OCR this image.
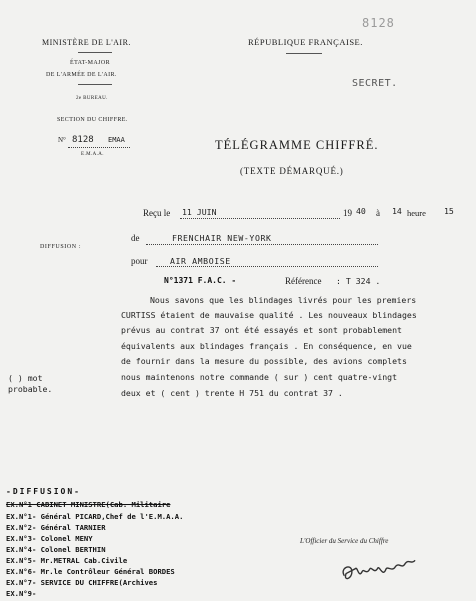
8128
MINISTÈRE DE L'AIR.
ÉTAT-MAJOR
DE L'ARMÉE DE L'AIR.
2e BUREAU.
SECTION DU CHIFFRE.
N° 8128 EMAA
E.M.A.A.
RÉPUBLIQUE FRANÇAISE.
SECRET.
TÉLÉGRAMME CHIFFRÉ.
(TEXTE DÉMARQUÉ.)
Reçu le 11 JUIN	19 40 à 14 heure 15
de	FRENCHAIR NEW-YORK
pour	AIR AMBOISE
N°1371 F.A.C. -	Référence : T 324 .
DIFFUSION :
Nous savons que les blindages livrés pour les premiers
CURTISS étaient de mauvaise qualité . Les nouveaux blindages
prévus au contrat 37 ont été essayés et sont probablement
équivalents aux blindages français . En conséquence, en vue
de fournir dans la mesure du possible, des avions complets
nous maintenons notre commande ( sur ) cent quatre-vingt
deux et ( cent ) trente H 751 du contrat 37 .
( ) mot
probable.
-DIFFUSION-
EX.N°1 CABINET MINISTRE(Cab. Militaire
EX.N°1- Général PICARD,Chef de l'E.M.A.A.
EX.N°2- Général TARNIER
EX.N°3- Colonel MENY
EX.N°4- Colonel BERTHIN
EX.N°5- Mr.METRAL Cab.Civile
EX.N°6- Mr.le Contrôleur Général BORDES
EX.N°7- SERVICE DU CHIFFRE(Archives
EX.N°9-
L'Officier du Service du Chiffre
